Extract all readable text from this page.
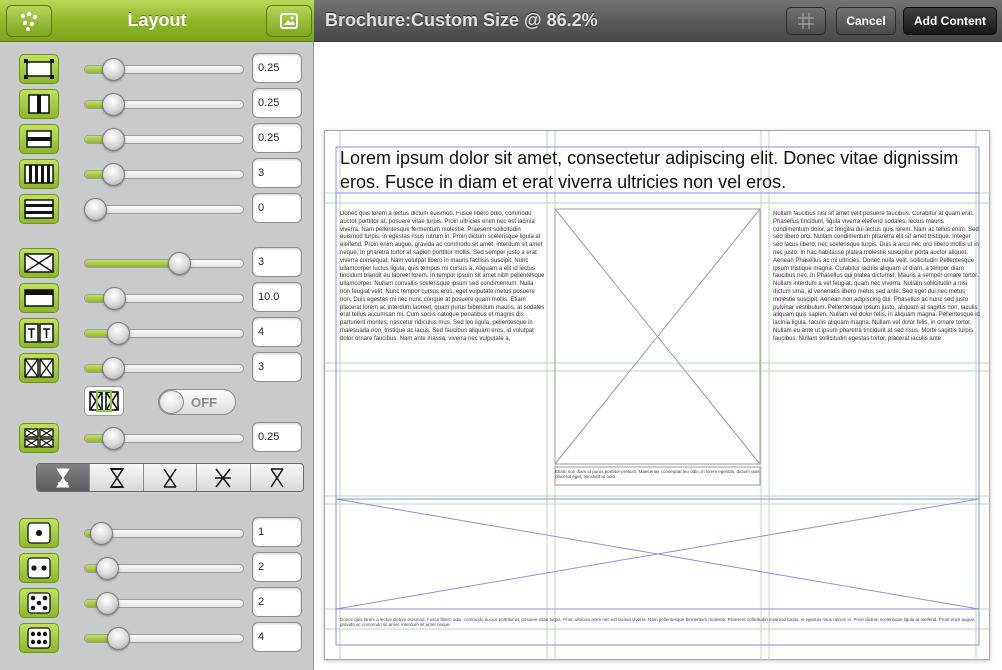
Layout
0.25
0.25
0.25
3
0
3
10.0
4
3
0.25
1
2
2
4
OFF
Brochure:Custom Size @ 86.2%	Cancel	Add Content
Lorem ipsum dolor sit amet, consectetur adipiscing elit. Donec vitae dignissim eros. Fusce in diam et erat viverra ultricies non vel eros.
Donec quis lorem a lectus dictum euismod. Fusce libero odio, commodo auctor porttitor at, posuere vitae turpis. Proin ultricies enim nec est lacinia viverra. Nam pellentesque fermentum molestie. Praesent sollicitudin euismod turpis, in egestas risus rutrum in. Proin dictum scelerisque ligula at eleifend. Proin enim augue, gravida ac commodo sit amet, interdum sit amet neque. In pharetra tortor at sapien porttitor mollis. Sed semper justo a erat viverra consequat. Nam volutpat libero in mauris facilisis suscipit. Nunc ullamcorper luctus ligula, quis tempus mi cursus a. Aliquam a elit id lectus tincidunt blandit eu laoreet lorem. In tempor ipsum sit amet nibh pellentesque ullamcorper. Nullam convallis scelerisque ipsum sed condimentum. Nulla non feugiat velit. Nunc tempor cursus eros, eget vulputate metus posuere non. Duis egestas mi nec nunc congue at posuere quam mollis. Etiam placerat lorem ac interdum laoreet, quam purus bibendum mauris, at sodales erat tellus accumsan mi. Cum sociis natoque penatibus et magnis dis parturient montes, nascetur ridiculus mus. Sed leo ligula, pellentesque in malesuada non, tristique ac lacus. Sed faucibus aliquam eros, id volutpat dolor ornare faucibus. Nam ante massa, viverra nec vulputate a,
Etiam non diam id purus porttitor pretium. Maecenas consequat leo odio, in lorem egestas, dictum quis placerat eget, tincidunt ut odio.
Nullam faucibus nisi sit amet velit posuere faucibus. Curabitur at quam erat. Phasellus tincidunt, ligula viverra eleifend sodales, lectus mauris condimentum dolor, ac fringilla dui lectus quis lorem. Nam ac tellus enim. Sed sed libero orci. Nullam condimentum pharetra elit sit amet tristique. Integer sed lacus libero, nec scelerisque turpis. Duis a arcu nec orci libero mollis ut in nec justo. In hac habitasse platea molestie suscipitur porta auctor aliquet. Aenean Phasellus ac mi ultricies. Donec nulla velit, sollicitudin Pellentesque ipsum tristique magna. Curabitur iaculis aliquam ut diam, a tempor diam faucibus nec. In Phasellus qui platea dictumst. Mauris a semper ornare tortor. Nullam interdum a vel feugiat, quam nec viverra. Nullam sollicitudin a nisi dictum urna, id venenatis libero metus sed ante. Sed eget dui nec metus molestie suscipit. Aenean non adipiscing dui. Phasellus ac nunc sed justo pulvinar vestibulum. Pellentesque ipsum justo, aliquam at sagittis non, iaculis aliquam quis sapien. Nullam vel dolor felis, in aliquam magna. Pellentesque id lacinia ligula. Iaculis aliquam magna. Nullam vel dolor felis, in ornare tortor. Nullam eu ante ut ipsum pharetra tincidunt at sed risus. Morbi sagittis turpis faucibus. Nullam sollicitudin egestas tortor, placerat iaculis ante
Donec quis lorem a lectus dictum euismod. Fusce libero odio, commodo auctor porttitor at, posuere vitae turpis. Proin ultricies enim nec est lacinia viverra. Nam pellentesque fermentum molestie. Praesent sollicitudin euismod turpis, in egestas risus rutrum in. Proin dictum scelerisque ligula at eleifend. Proin enim augue, gravida ac commodo sit amet, interdum sit amet neque.
